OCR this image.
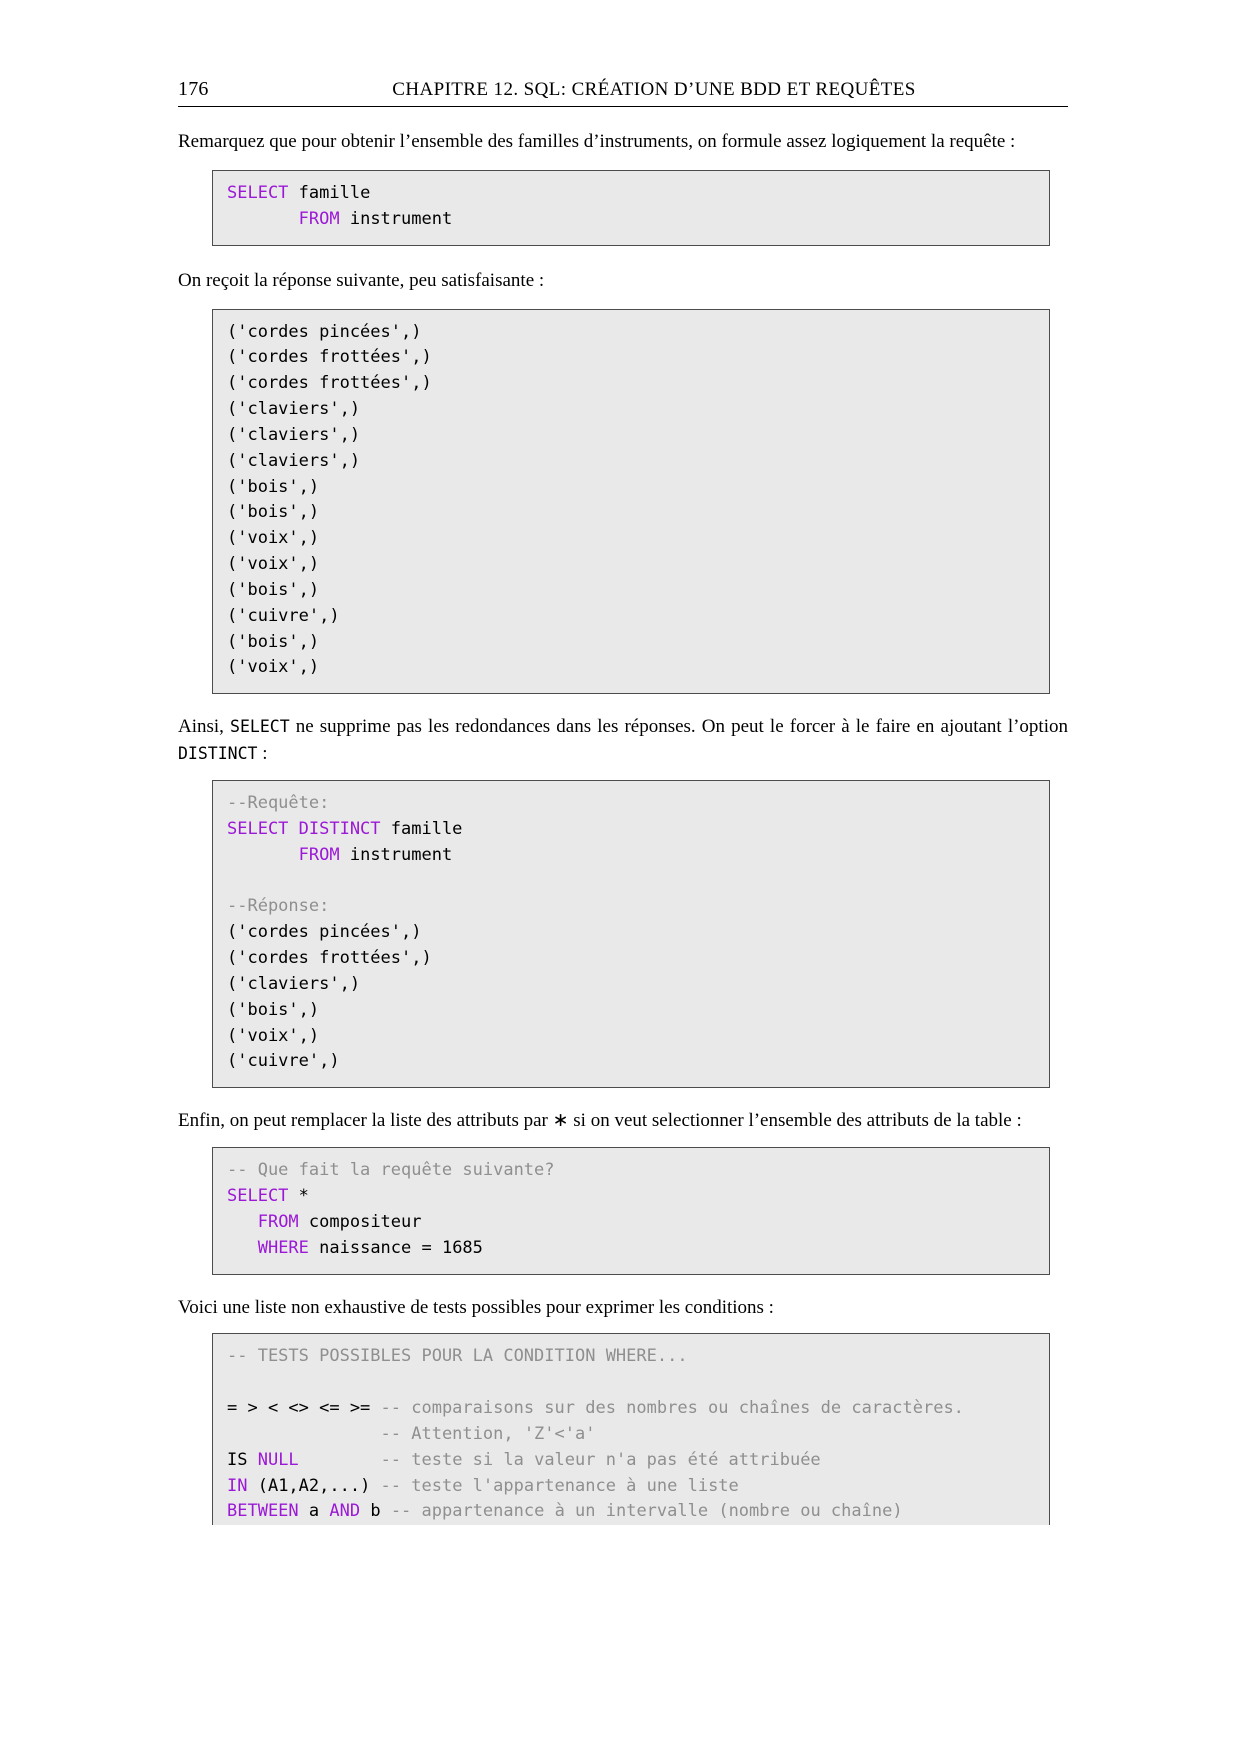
176	CHAPITRE 12. SQL: CRÉATION D’UNE BDD ET REQUÊTES

Remarquez que pour obtenir l’ensemble des familles d’instruments, on formule assez logiquement la requête :

SELECT famille
FROM instrument

On reçoit la réponse suivante, peu satisfaisante :

('cordes pincées',)
('cordes frottées',)
('cordes frottées',)
('claviers',)
('claviers',)
('claviers',)
('bois',)
('bois',)
('voix',)
('voix',)
('bois',)
('cuivre',)
('bois',)
('voix',)

Ainsi, SELECT ne supprime pas les redondances dans les réponses. On peut le forcer à le faire en ajoutant l’option DISTINCT :

--Requête:
SELECT DISTINCT famille
FROM instrument

--Réponse:
('cordes pincées',)
('cordes frottées',)
('claviers',)
('bois',)
('voix',)
('cuivre',)

Enfin, on peut remplacer la liste des attributs par ∗ si on veut selectionner l’ensemble des attributs de la table :

-- Que fait la requête suivante?
SELECT *
FROM compositeur
WHERE naissance = 1685

Voici une liste non exhaustive de tests possibles pour exprimer les conditions :

-- TESTS POSSIBLES POUR LA CONDITION WHERE...

= > < <> <= >= -- comparaisons sur des nombres ou chaînes de caractères.
-- Attention, 'Z'<'a'
IS NULL	-- teste si la valeur n'a pas été attribuée
IN (A1,A2,...) -- teste l'appartenance à une liste
BETWEEN a AND b -- appartenance à un intervalle (nombre ou chaîne)
